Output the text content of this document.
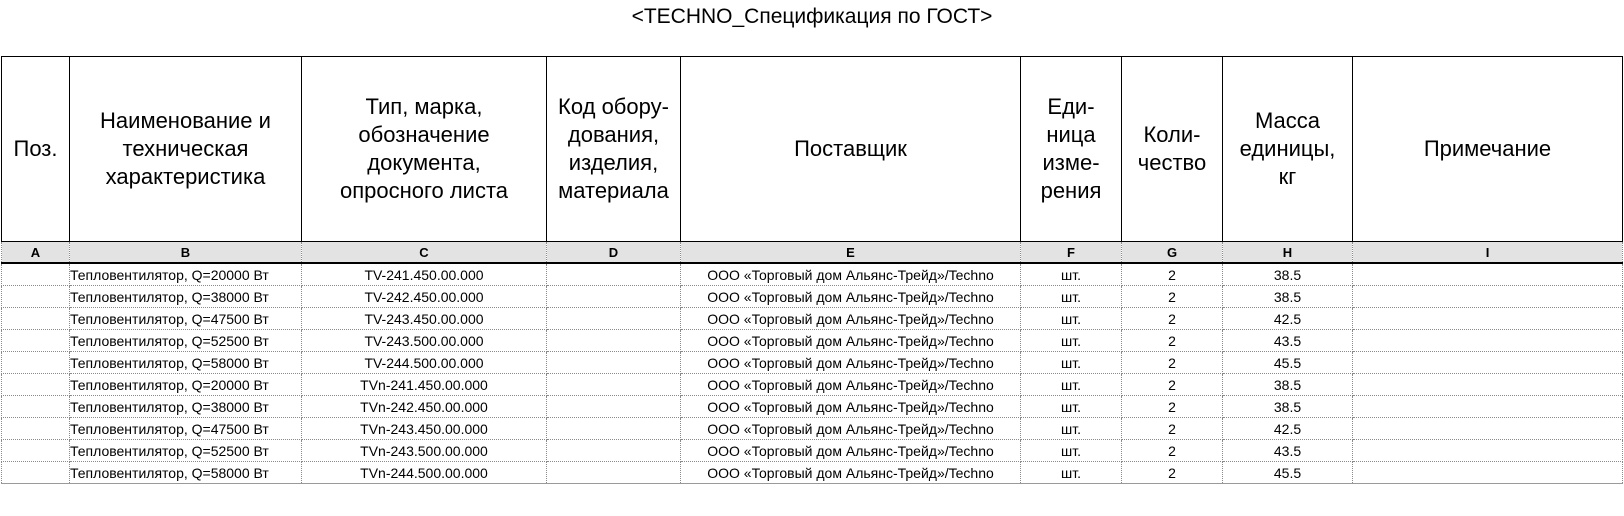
<TECHNO_Спецификация по ГОСТ>
Поз.	Наименование и
техническая
характеристика	Тип, марка,
обозначение
документа,
опросного листа	Код обору-
дования,
изделия,
материала	Поставщик	Еди-
ница
изме-
рения	Коли-
чество	Масса
единицы,
кг	Примечание

A	B	C	D	E	F	G	H	I
	Тепловентилятор, Q=20000 Вт	TV-241.450.00.000		ООО «Торговый дом Альянс-Трейд»/Techno	шт.	2	38.5	
	Тепловентилятор, Q=38000 Вт	TV-242.450.00.000		ООО «Торговый дом Альянс-Трейд»/Techno	шт.	2	38.5	
	Тепловентилятор, Q=47500 Вт	TV-243.450.00.000		ООО «Торговый дом Альянс-Трейд»/Techno	шт.	2	42.5	
	Тепловентилятор, Q=52500 Вт	TV-243.500.00.000		ООО «Торговый дом Альянс-Трейд»/Techno	шт.	2	43.5	
	Тепловентилятор, Q=58000 Вт	TV-244.500.00.000		ООО «Торговый дом Альянс-Трейд»/Techno	шт.	2	45.5	
	Тепловентилятор, Q=20000 Вт	TVn-241.450.00.000		ООО «Торговый дом Альянс-Трейд»/Techno	шт.	2	38.5	
	Тепловентилятор, Q=38000 Вт	TVn-242.450.00.000		ООО «Торговый дом Альянс-Трейд»/Techno	шт.	2	38.5	
	Тепловентилятор, Q=47500 Вт	TVn-243.450.00.000		ООО «Торговый дом Альянс-Трейд»/Techno	шт.	2	42.5	
	Тепловентилятор, Q=52500 Вт	TVn-243.500.00.000		ООО «Торговый дом Альянс-Трейд»/Techno	шт.	2	43.5	
	Тепловентилятор, Q=58000 Вт	TVn-244.500.00.000		ООО «Торговый дом Альянс-Трейд»/Techno	шт.	2	45.5	
